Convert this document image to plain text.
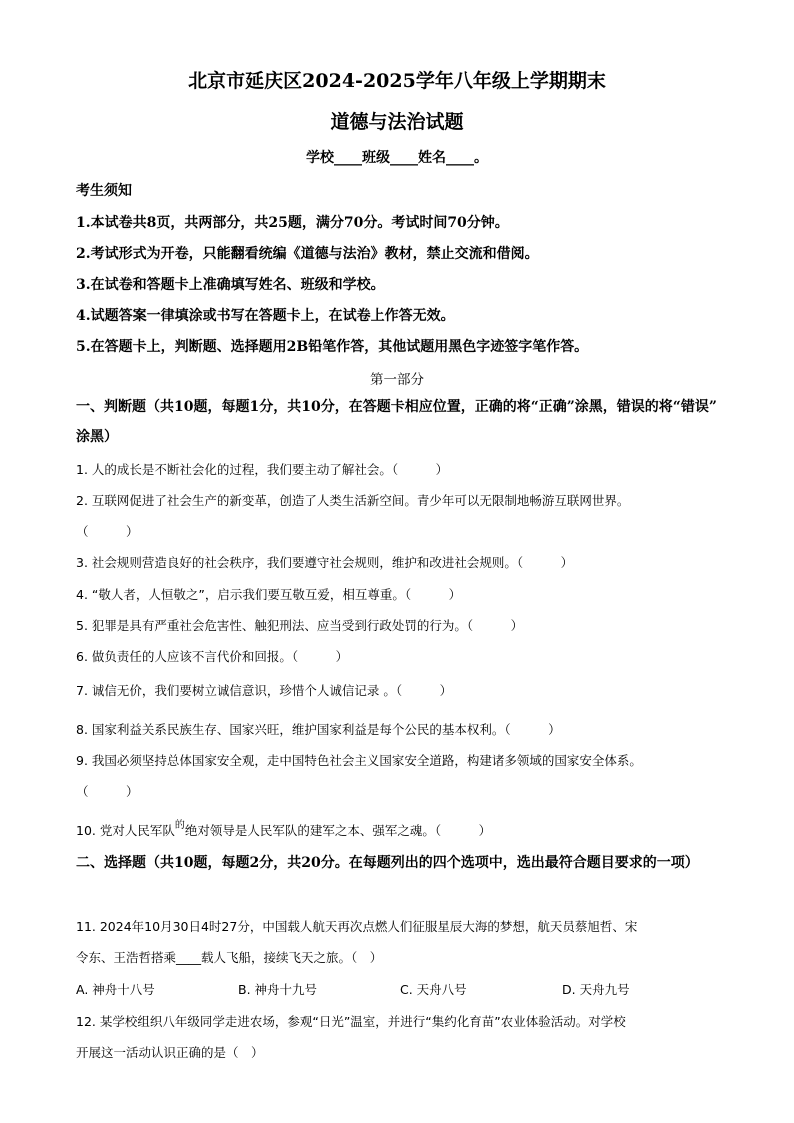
北京市延庆区2024-2025学年八年级上学期期末
道德与法治试题
学校____班级____姓名____。
考生须知
1.本试卷共8页，共两部分，共25题，满分70分。考试时间70分钟。
2.考试形式为开卷，只能翻看统编《道德与法治》教材，禁止交流和借阅。
3.在试卷和答题卡上准确填写姓名、班级和学校。
4.试题答案一律填涂或书写在答题卡上，在试卷上作答无效。
5.在答题卡上，判断题、选择题用2B铅笔作答，其他试题用黑色字迹签字笔作答。
第一部分
一、判断题（共10题，每题1分，共10分，在答题卡相应位置，正确的将“正确”涂黑，错误的将“错误” 涂黑）
1. 人的成长是不断社会化的过程，我们要主动了解社会。（　　　）
2. 互联网促进了社会生产的新变革，创造了人类生活新空间。青少年可以无限制地畅游互联网世界。
（　　　）
3. 社会规则营造良好的社会秩序，我们要遵守社会规则，维护和改进社会规则。（　　　）
4. “敬人者，人恒敬之”，启示我们要互敬互爱，相互尊重。（　　　）
5. 犯罪是具有严重社会危害性、触犯刑法、应当受到行政处罚的行为。（　　　）
6. 做负责任的人应该不言代价和回报。（　　　）
7. 诚信无价，我们要树立诚信意识，珍惜个人诚信记录 。（　　　）
8. 国家利益关系民族生存、国家兴旺，维护国家利益是每个公民的基本权利。（　　　）
9. 我国必须坚持总体国家安全观，走中国特色社会主义国家安全道路，构建诸多领域的国家安全体系。
（　　　）
10. 党对人民军队$^的$绝对领导是人民军队的建军之本、强军之魂。（　　　）
二、选择题（共10题，每题2分，共20分。在每题列出的四个选项中，选出最符合题目要求的一项）
11. 2024年10月30日4时27分，中国载人航天再次点燃人们征服星辰大海的梦想，航天员蔡旭哲、宋
令东、王浩哲搭乘____载人飞船，接续飞天之旅。（　）
A. 神舟十八号	B. 神舟十九号	C. 天舟八号	D. 天舟九号
12. 某学校组织八年级同学走进农场，参观“日光”温室，并进行“集约化育苗”农业体验活动。对学校
开展这一活动认识正确的是（　）
